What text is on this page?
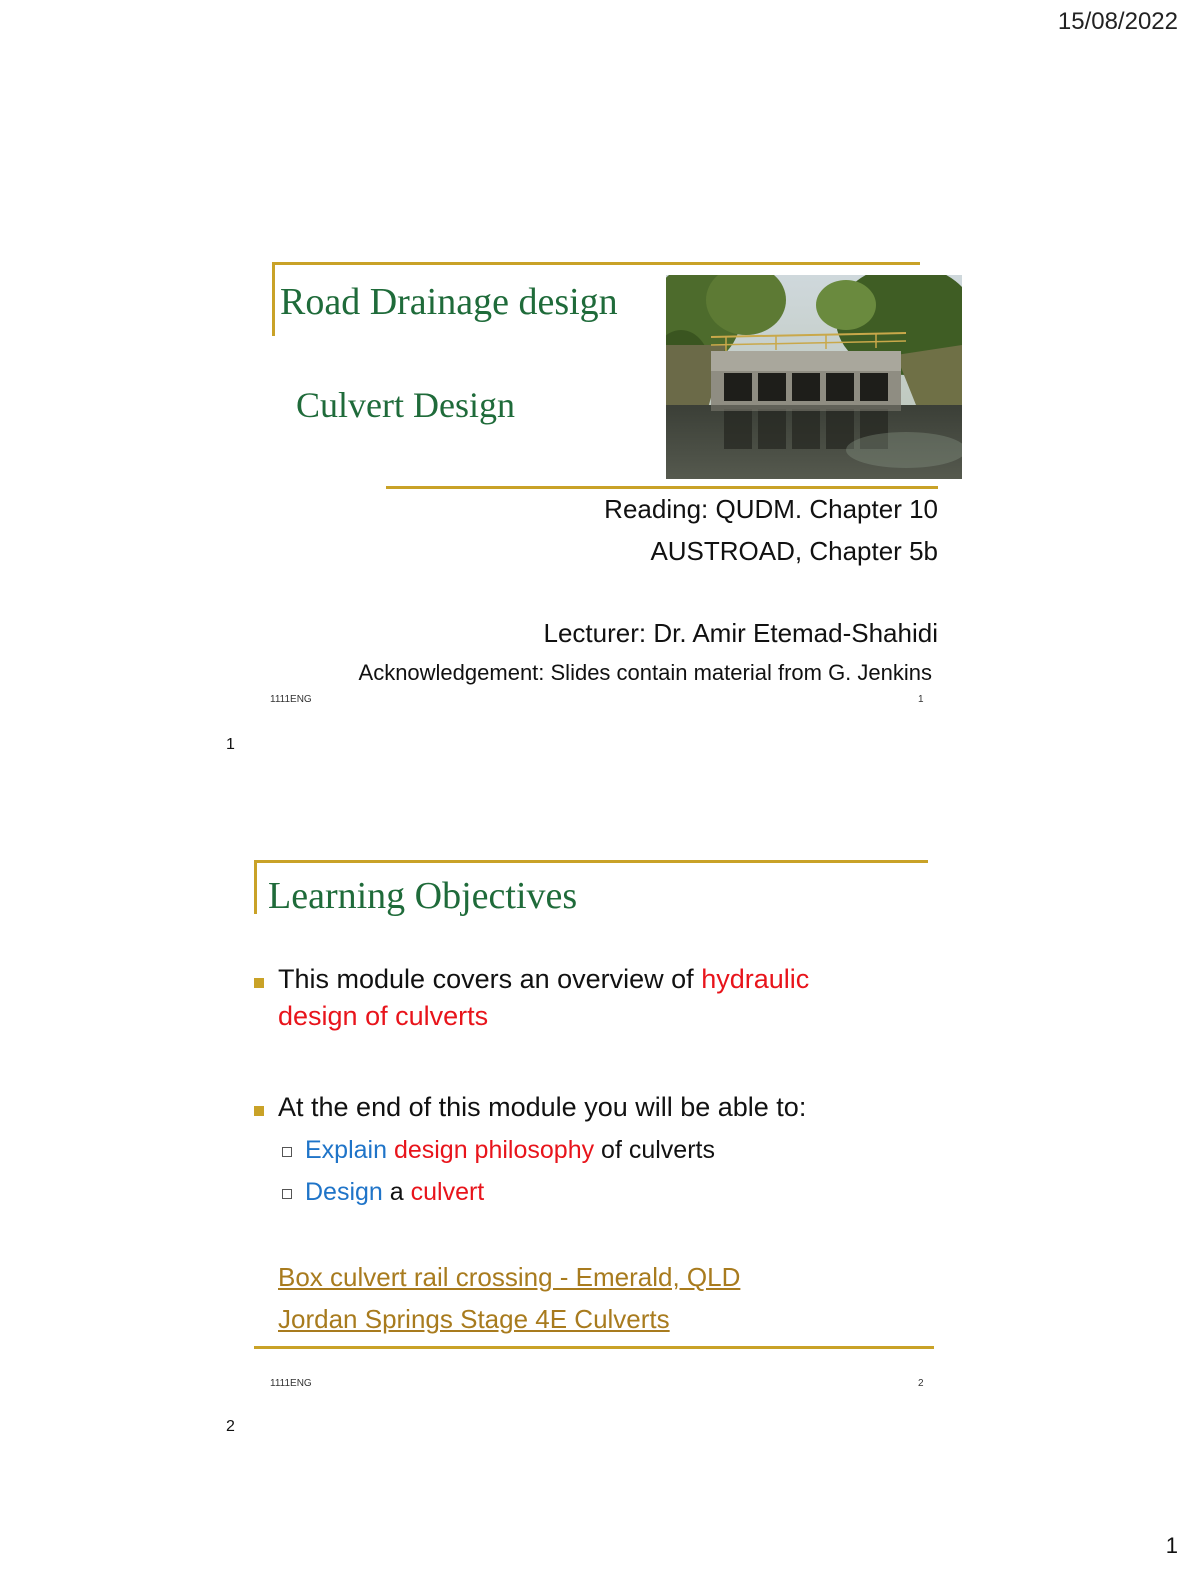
15/08/2022
1
Road Drainage design
Culvert Design
Reading: QUDM. Chapter 10
AUSTROAD, Chapter 5b
Lecturer: Dr. Amir Etemad-Shahidi
Acknowledgement: Slides contain material from G. Jenkins
1111ENG	1
1
Learning Objectives
This module covers an overview of hydraulic
design of culverts
At the end of this module you will be able to:
Explain design philosophy of culverts
Design a culvert
Box culvert rail crossing - Emerald, QLD
Jordan Springs Stage 4E Culverts
1111ENG	2
2
